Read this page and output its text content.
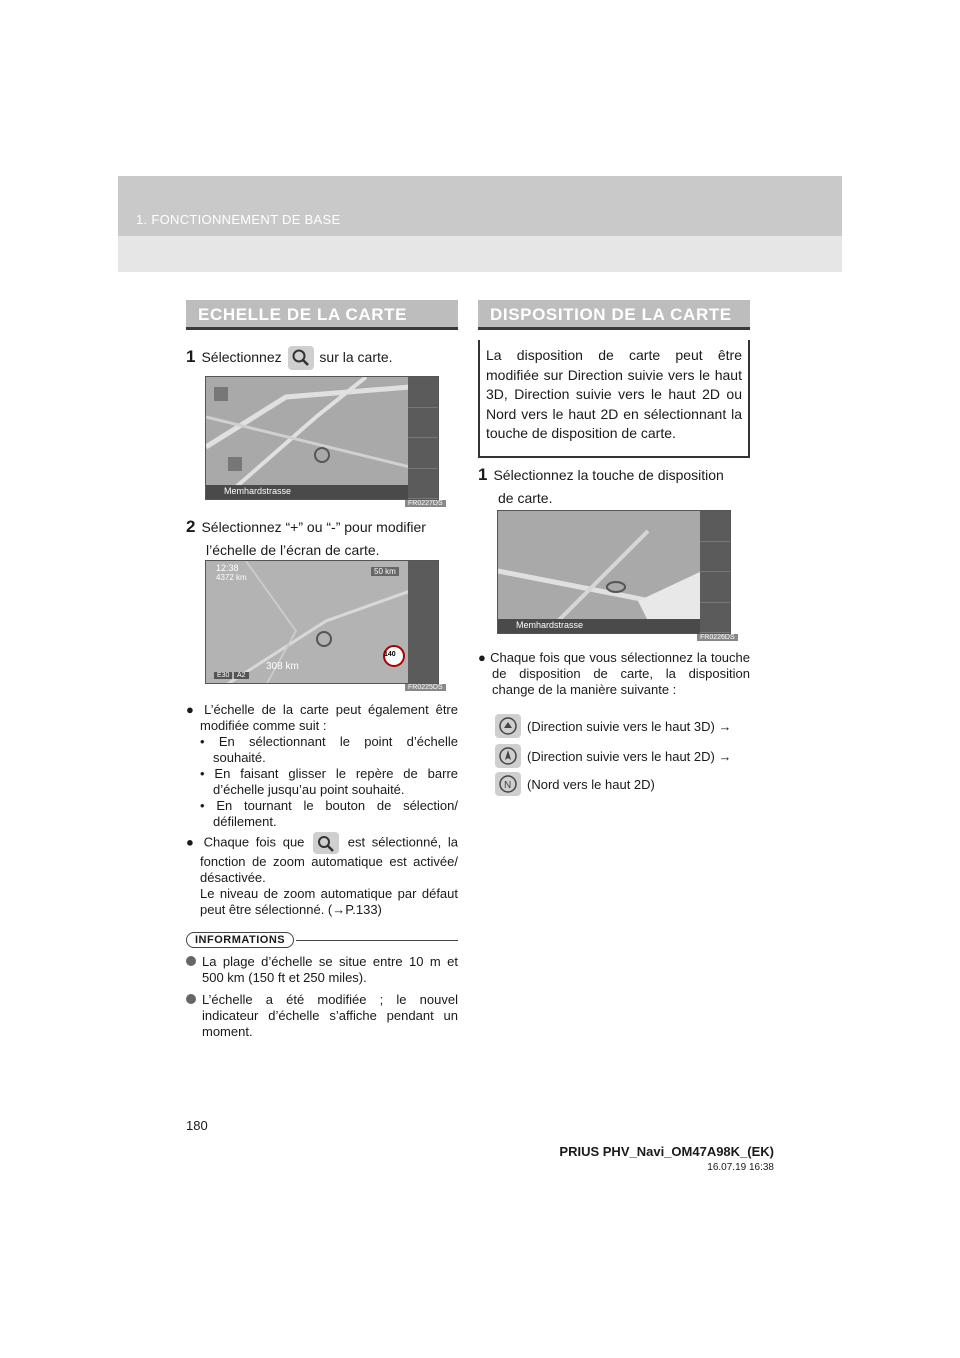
1. FONCTIONNEMENT DE BASE
ECHELLE DE LA CARTE
1 Sélectionnez	sur la carte.
Memhardstrasse
FR0227DS
2 Sélectionnez “+” ou “-” pour modifier
l’échelle de l’écran de carte.
12:38
4372 km
308 km
140
50 km
E30	A2
FR0225DS

● L’échelle de la carte peut également être modifiée comme suit :

• En sélectionnant le point d’échelle souhaité.

• En faisant glisser le repère de barre d’échelle jusqu’au point souhaité.

• En tournant le bouton de sélection/ défilement.

● Chaque fois que	est sélectionné, la fonction de zoom automatique est activée/ désactivée.

Le niveau de zoom automatique par défaut peut être sélectionné. (→P.133)

INFORMATIONS

La plage d’échelle se situe entre 10 m et 500 km (150 ft et 250 miles).

L’échelle a été modifiée ; le nouvel indicateur d’échelle s’affiche pendant un moment.

DISPOSITION DE LA CARTE
La disposition de carte peut être modifiée sur Direction suivie vers le haut 3D, Direction suivie vers le haut 2D ou Nord vers le haut 2D en sélectionnant la touche de disposition de carte.
1 Sélectionnez la touche de disposition
de carte.
Memhardstrasse
FR0226DS

● Chaque fois que vous sélectionnez la touche de disposition de carte, la disposition change de la manière suivante :

(Direction suivie vers le haut 3D) →
(Direction suivie vers le haut 2D) →
N (Nord vers le haut 2D)
180
PRIUS PHV_Navi_OM47A98K_(EK)
16.07.19 16:38
